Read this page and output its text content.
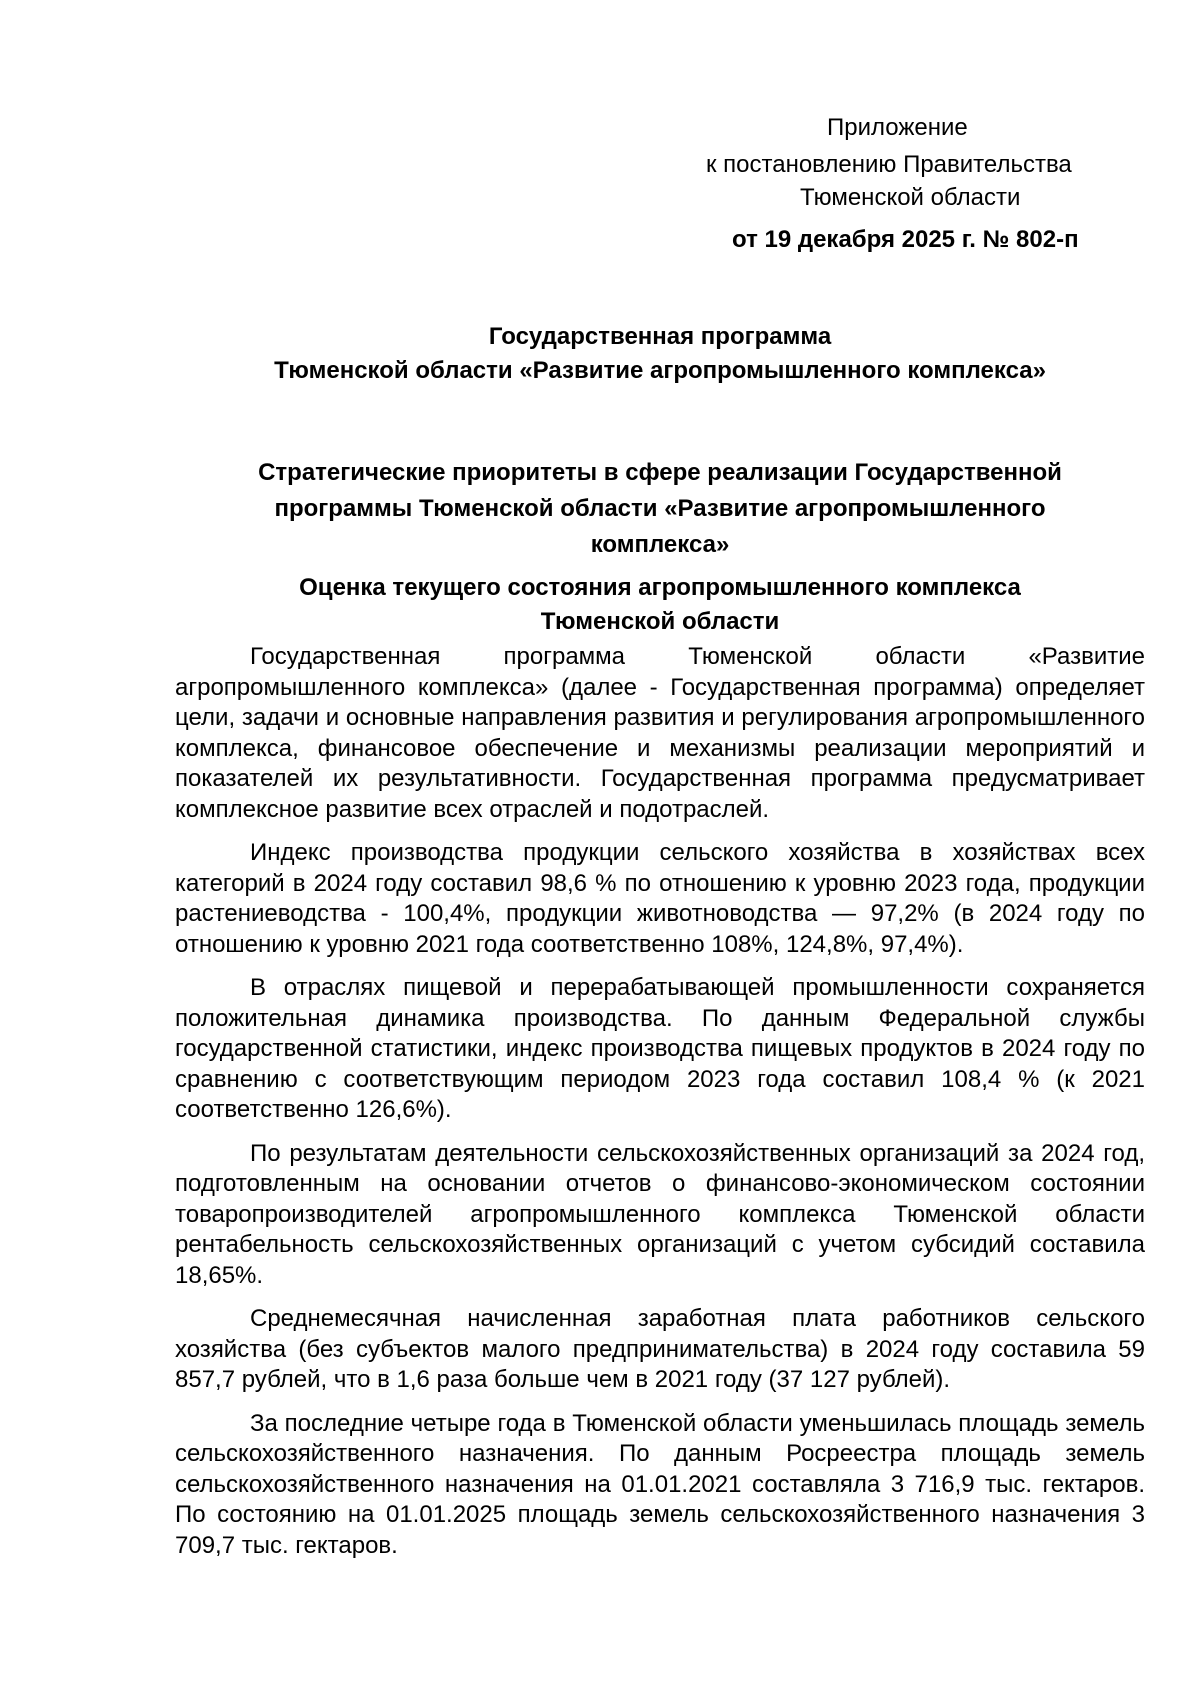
Приложение
к постановлению Правительства
Тюменской области
от 19 декабря 2025 г. № 802-п
Государственная программа
Тюменской области «Развитие агропромышленного комплекса»
Стратегические приоритеты в сфере реализации Государственной
программы Тюменской области «Развитие агропромышленного
комплекса»
Оценка текущего состояния агропромышленного комплекса
Тюменской области

Государственная программа Тюменской области «Развитие агропромышленного комплекса» (далее - Государственная программа) определяет цели, задачи и основные направления развития и регулирования агропромышленного комплекса, финансовое обеспечение и механизмы реализации мероприятий и показателей их результативности. Государственная программа предусматривает комплексное развитие всех отраслей и подотраслей.

Индекс производства продукции сельского хозяйства в хозяйствах всех категорий в 2024 году составил 98,6 % по отношению к уровню 2023 года, продукции растениеводства - 100,4%, продукции животноводства — 97,2% (в 2024 году по отношению к уровню 2021 года соответственно 108%, 124,8%, 97,4%).

В отраслях пищевой и перерабатывающей промышленности сохраняется положительная динамика производства. По данным Федеральной службы государственной статистики, индекс производства пищевых продуктов в 2024 году по сравнению с соответствующим периодом 2023 года составил 108,4 % (к 2021 соответственно 126,6%).

По результатам деятельности сельскохозяйственных организаций за 2024 год, подготовленным на основании отчетов о финансово-экономическом состоянии товаропроизводителей агропромышленного комплекса Тюменской области рентабельность сельскохозяйственных организаций с учетом субсидий составила 18,65%.

Среднемесячная начисленная заработная плата работников сельского хозяйства (без субъектов малого предпринимательства) в 2024 году составила 59 857,7 рублей, что в 1,6 раза больше чем в 2021 году (37 127 рублей).

За последние четыре года в Тюменской области уменьшилась площадь земель сельскохозяйственного назначения. По данным Росреестра площадь земель сельскохозяйственного назначения на 01.01.2021 составляла 3 716,9 тыс. гектаров. По состоянию на 01.01.2025 площадь земель сельскохозяйственного назначения 3 709,7 тыс. гектаров.
